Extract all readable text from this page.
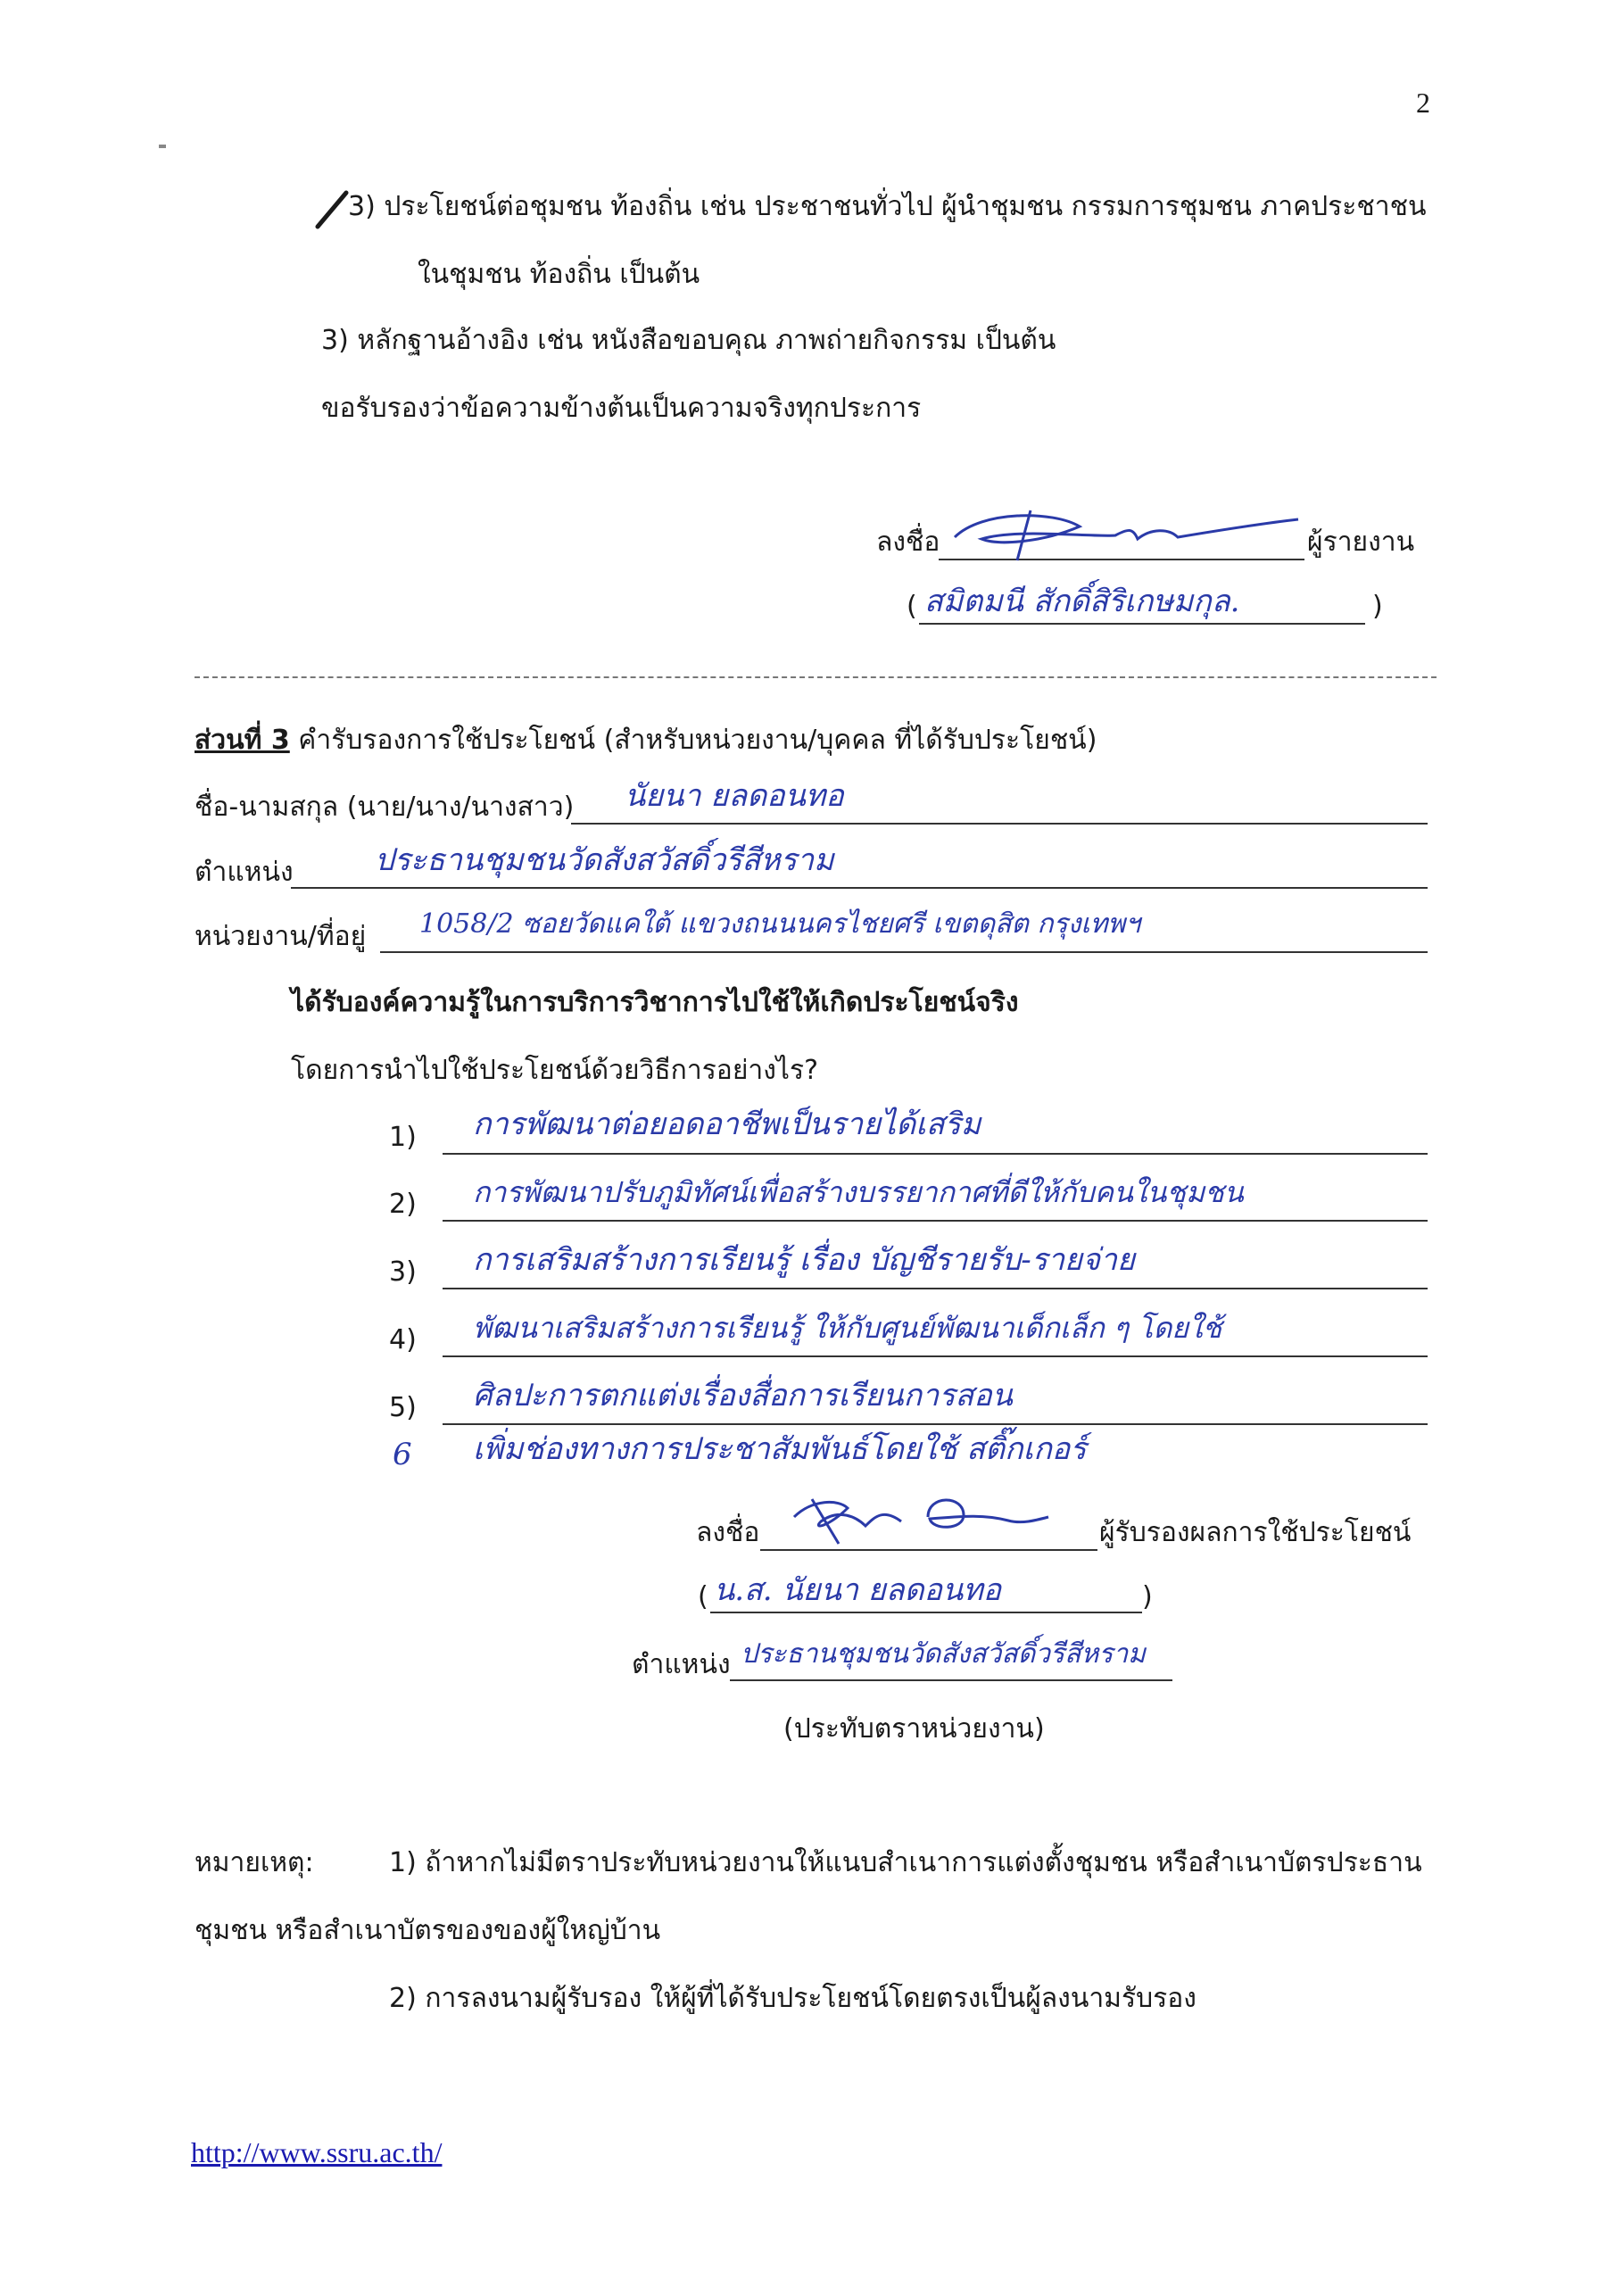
2
3) ประโยชน์ต่อชุมชน ท้องถิ่น เช่น ประชาชนทั่วไป ผู้นำชุมชน กรรมการชุมชน ภาคประชาชน
ในชุมชน ท้องถิ่น เป็นต้น
3) หลักฐานอ้างอิง เช่น หนังสือขอบคุณ ภาพถ่ายกิจกรรม เป็นต้น
ขอรับรองว่าข้อความข้างต้นเป็นความจริงทุกประการ
ลงชื่อ	ผู้รายงาน
( สมิตมนี สักดิ์สิริเกษมกุล.	)
ส่วนที่ 3 คำรับรองการใช้ประโยชน์ (สำหรับหน่วยงาน/บุคคล ที่ได้รับประโยชน์)
ชื่อ-นามสกุล (นาย/นาง/นางสาว) นัยนา ยลดอนทอ
ตำแหน่ง	ประธานชุมชนวัดสังสวัสดิ์วรีสีหราม
หน่วยงาน/ที่อยู่ 1058/2 ซอยวัดแคใต้ แขวงถนนนครไชยศรี เขตดุสิต กรุงเทพฯ
ได้รับองค์ความรู้ในการบริการวิชาการไปใช้ให้เกิดประโยชน์จริง
โดยการนำไปใช้ประโยชน์ด้วยวิธีการอย่างไร?
1) การพัฒนาต่อยอดอาชีพเป็นรายได้เสริม
2) การพัฒนาปรับภูมิทัศน์เพื่อสร้างบรรยากาศที่ดีให้กับคนในชุมชน
3) การเสริมสร้างการเรียนรู้ เรื่อง บัญชีรายรับ-รายจ่าย
4) พัฒนาเสริมสร้างการเรียนรู้ ให้กับศูนย์พัฒนาเด็กเล็ก ๆ โดยใช้
5) ศิลปะการตกแต่งเรื่องสื่อการเรียนการสอน
6 เพิ่มช่องทางการประชาสัมพันธ์โดยใช้ สติ๊กเกอร์
ลงชื่อ	ผู้รับรองผลการใช้ประโยชน์
( น.ส. นัยนา ยลดอนทอ	)
ตำแหน่ง ประธานชุมชนวัดสังสวัสดิ์วรีสีหราม
(ประทับตราหน่วยงาน)
หมายเหตุ:	1) ถ้าหากไม่มีตราประทับหน่วยงานให้แนบสำเนาการแต่งตั้งชุมชน หรือสำเนาบัตรประธาน
ชุมชน หรือสำเนาบัตรของของผู้ใหญ่บ้าน
2) การลงนามผู้รับรอง ให้ผู้ที่ได้รับประโยชน์โดยตรงเป็นผู้ลงนามรับรอง
http://www.ssru.ac.th/
